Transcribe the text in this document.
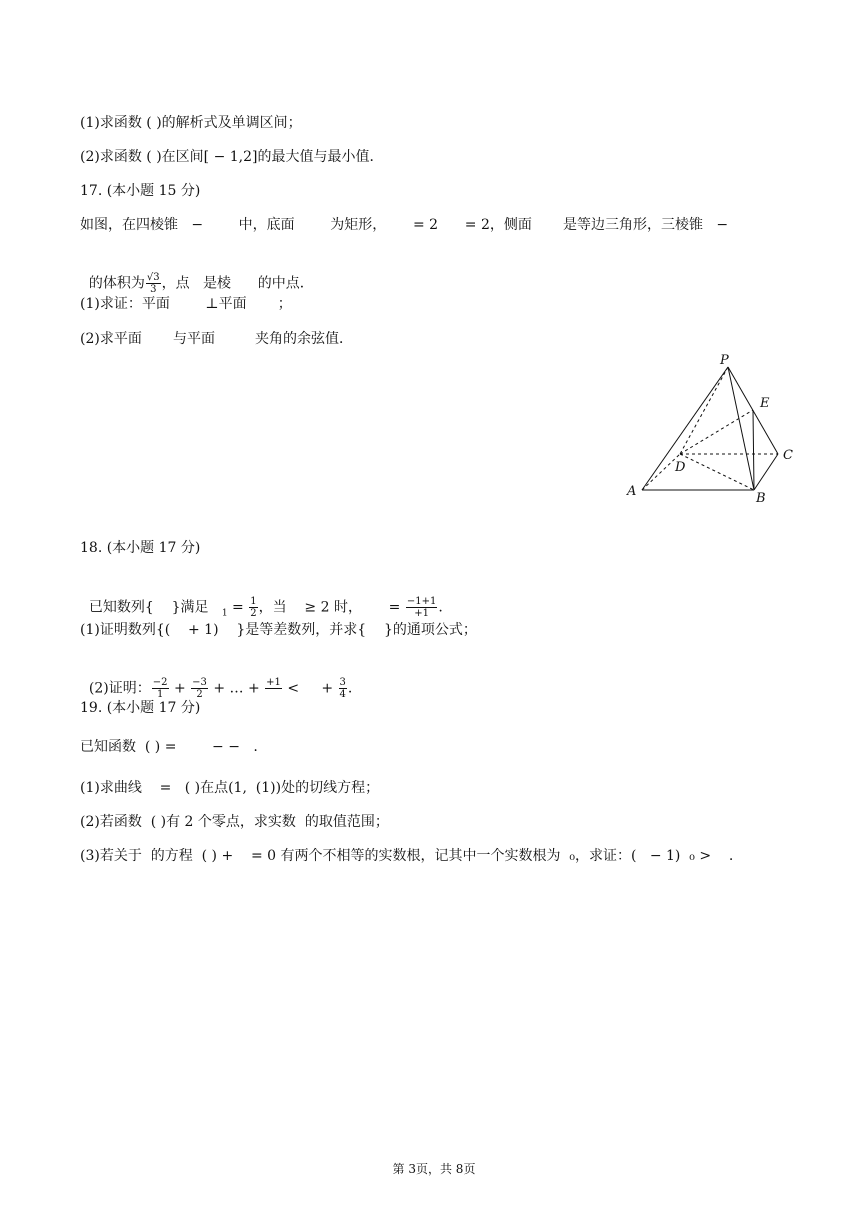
(1)求函数 ( )的解析式及单调区间；
(2)求函数 ( )在区间[ − 1,2]的最大值与最小值．
17. (本小题 15 分)
如图，在四棱锥   −        中，底面        为矩形，      = 2      = 2，侧面       是等边三角形，三棱锥   −

的体积为 $\frac{√3}{3}$ ，点   是棱      的中点．

(1)求证：平面        ⊥平面       ；
(2)求平面       与平面         夹角的余弦值．
P
E
C
D
A	B
18. (本小题 17 分)

已知数列{    }满足   $_1 = \frac{1}{2}$ ，当    ≥ 2 时，      = $\frac{-1+1}{+1}$ .

(1)证明数列{(    + 1)    }是等差数列，并求{    }的通项公式；

(2)证明： $\frac{-2}{1} + \frac{-3}{2}$ + … + +1
<     + $\frac{3}{4}$ .

19. (本小题 17 分)
已知函数  ( ) =        − −   .
(1)求曲线    =   ( )在点(1,  (1))处的切线方程；
(2)若函数  ( )有 2 个零点，求实数  的取值范围；
(3)若关于  的方程  ( ) +    = 0 有两个不相等的实数根，记其中一个实数根为  ₀，求证：(   − 1)  ₀ >    .
第 3页，共 8页
